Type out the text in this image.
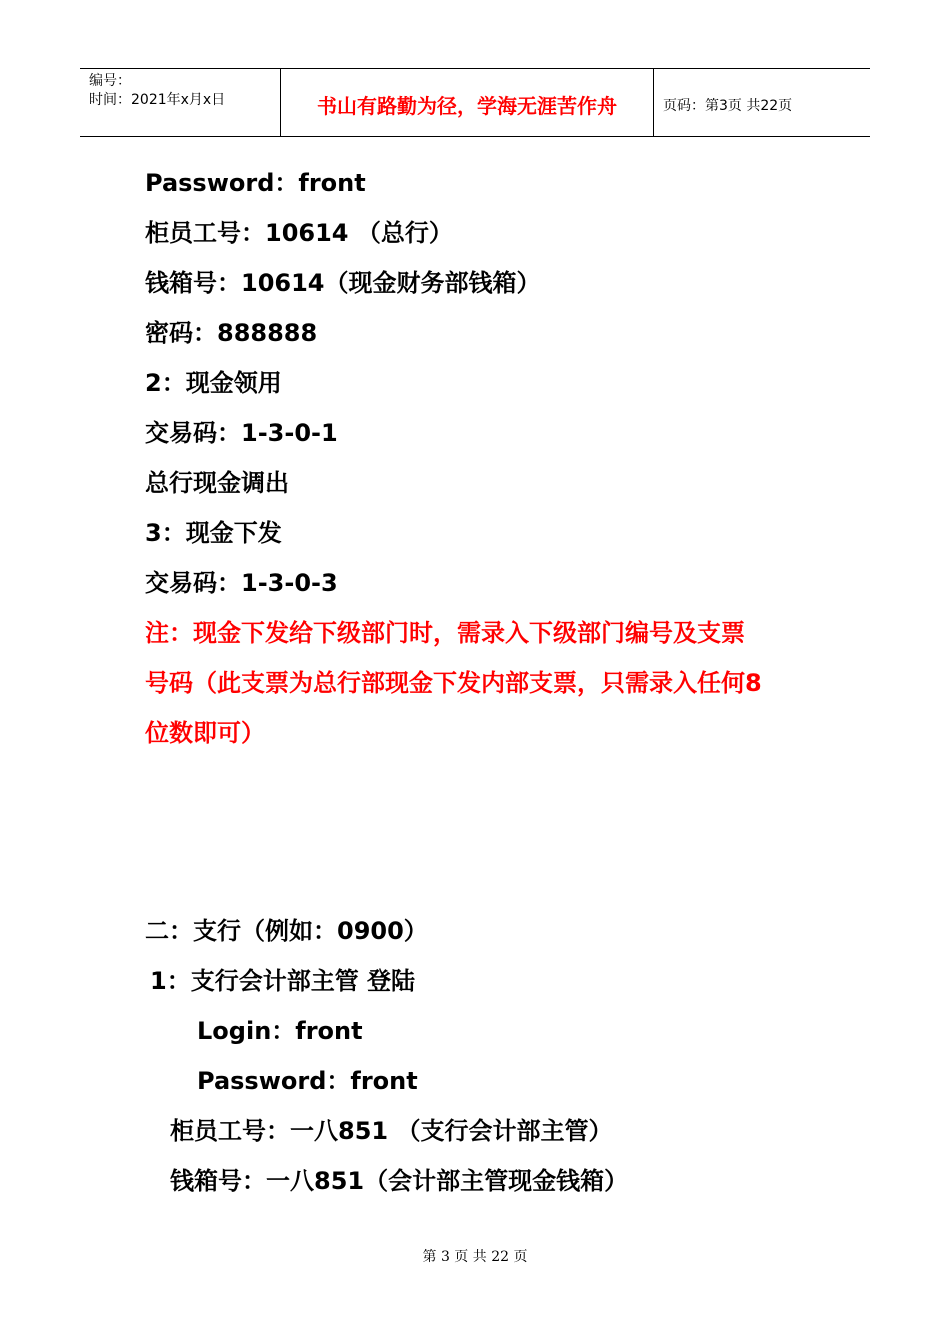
编号：
时间：2021年x月x日	书山有路勤为径，学海无涯苦作舟	页码：第3页 共22页
Password：front
柜员工号：10614 （总行）
钱箱号：10614（现金财务部钱箱）
密码：888888
2：现金领用
交易码：1-3-0-1
总行现金调出
3：现金下发
交易码：1-3-0-3
注：现金下发给下级部门时，需录入下级部门编号及支票
号码（此支票为总行部现金下发内部支票，只需录入任何8
位数即可）
二：支行（例如：0900）
1：支行会计部主管 登陆
Login：front
Password：front
柜员工号：一八851 （支行会计部主管）
钱箱号：一八851（会计部主管现金钱箱）
第 3 页 共 22 页
